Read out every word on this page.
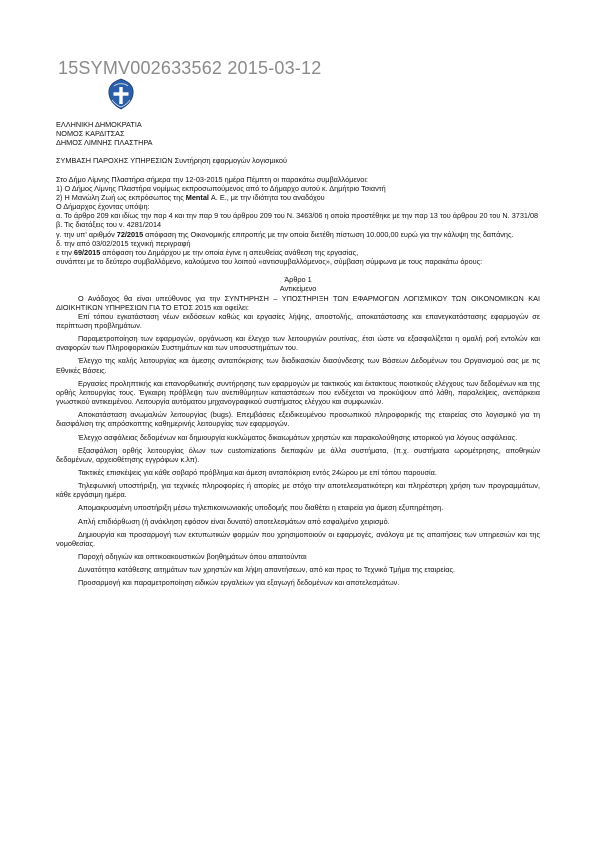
15SYMV002633562 2015-03-12

ΕΛΛΗΝΙΚΗ ΔΗΜΟΚΡΑΤΙΑ

ΝΟΜΟΣ ΚΑΡΔΙΤΣΑΣ

ΔΗΜΟΣ ΛΙΜΝΗΣ ΠΛΑΣΤΗΡΑ

ΣΥΜΒΑΣΗ ΠΑΡΟΧΗΣ ΥΠΗΡΕΣΙΩΝ Συντήρηση εφαρμογών λογισμικού

Στο Δήμο Λίμνης Πλαστήρα σήμερα την 12-03-2015 ημέρα Πέμπτη οι παρακάτω συμβαλλόμενοι:

1) Ο Δήμος Λίμνης Πλαστήρα νομίμως εκπροσωπούμενος από το Δήμαρχο αυτού κ. Δημήτριο Τσιαντή

2) Η Μανώλη Ζωή ως εκπρόσωπος της Mental Α. Ε., με την ιδιότητα του αναδόχου

Ο Δήμαρχος έχοντας υπόψη:

α. Το άρθρο 209 και ιδίως την παρ 4 και την παρ 9 του άρθρου 209 του Ν. 3463/06 η οποία προστέθηκε με την παρ 13 του άρθρου 20 του Ν. 3731/08

β. Τις διατάξεις του ν. 4281/2014

γ. την υπ' αριθμόν 72/2015 απόφαση της Οικονομικής επιτροπής με την οποία διετέθη πίστωση 10.000,00 ευρώ για την κάλυψη της δαπάνης.

δ. την από 03/02/2015 τεχνική περιγραφή

ε την 69/2015 απόφαση του Δημάρχου με την οποία έγινε η απευθείας ανάθεση της εργασίας,

συνάπτει με το δεύτερο συμβαλλόμενο, καλούμενο του λοιπού «αντισυμβαλλόμενος», σύμβαση σύμφωνα με τους παρακάτω όρους:

Άρθρο 1

Αντικείμενο

Ο Ανάδοχος θα είναι υπεύθυνος για την ΣΥΝΤΗΡΗΣΗ – ΥΠΟΣΤΗΡΙΞΗ ΤΩΝ ΕΦΑΡΜΟΓΩΝ ΛΟΓΙΣΜΙΚΟΥ ΤΩΝ ΟΙΚΟΝΟΜΙΚΩΝ ΚΑΙ ΔΙΟΙΚΗΤΙΚΩΝ ΥΠΗΡΕΣΙΩΝ ΓΙΑ ΤΟ ΕΤΟΣ 2015 και οφείλει:

Επί τόπου εγκατάσταση νέων εκδόσεων καθώς και εργασίες λήψης, αποστολής, αποκατάστασης και επανεγκατάστασης εφαρμογών σε περίπτωση προβλημάτων.

Παραμετροποίηση των εφαρμογών, οργάνωση και έλεγχο των λειτουργιών ρουτίνας, έτσι ώστε να εξασφαλίζεται η ομαλή ροή εντολών και αναφορών των Πληροφοριακών Συστημάτων και των υποσυστημάτων του.

Έλεγχο της καλής λειτουργίας και άμεσης ανταπόκρισης των διαδικασιών διασύνδεσης των Βάσεων Δεδομένων του Οργανισμού σας με τις Εθνικές Βάσεις.

Εργασίες προληπτικής και επανορθωτικής συντήρησης των εφαρμογών με τακτικούς και έκτακτους ποιοτικούς ελέγχους των δεδομένων και της ορθής λειτουργίας τους. Έγκαιρη πρόβλεψη των ανεπιθύμητων καταστάσεων που ενδέχεται να προκύψουν από λάθη, παραλείψεις, ανεπάρκεια γνωστικού αντικειμένου. Λειτουργία αυτόματου μηχανογραφικού συστήματος ελέγχου και συμφωνιών.

Αποκατάσταση ανωμαλιών λειτουργίας (bugs). Επεμβάσεις εξειδικευμένου προσωπικού πληροφορικής της εταιρείας στο λογισμικό για τη διασφάλιση της απρόσκοπτης καθημερινής λειτουργίας των εφαρμογών.

Έλεγχο ασφάλειας δεδομένων και δημιουργία κυκλώματος δικαιωμάτων χρηστών και παρακολούθησης ιστορικού για λόγους ασφάλειας.

Εξασφάλιση ορθής λειτουργίας όλων των customizations διεπαφών με άλλα συστήματα, (π.χ. συστήματα ωρομέτρησης, αποθηκών δεδομένων, αρχειοθέτησης εγγράφων κ.λπ).

Τακτικές επισκέψεις για κάθε σοβαρό πρόβλημα και άμεση ανταπόκριση εντός 24ώρου με επί τόπου παρουσία.

Τηλεφωνική υποστήριξη, για τεχνικές πληροφορίες ή απορίες με στόχο την αποτελεσματικότερη και πληρέστερη χρήση των προγραμμάτων, κάθε εργάσιμη ημέρα.

Απομακρυσμένη υποστήριξη μέσω τηλεπικοινωνιακής υποδομής που διαθέτει η εταιρεία για άμεση εξυπηρέτηση.

Απλή επιδιόρθωση (ή ανάκληση εφόσον είναι δυνατό) αποτελεσμάτων από εσφαλμένο χειρισμό.

Δημιουργία και προσαρμογή των εκτυπωτικών φορμών που χρησιμοποιούν οι εφαρμογές, ανάλογα με τις απαιτήσεις των υπηρεσιών και της νομοθεσίας.

Παροχή οδηγιών και οπτικοακουστικών βοηθημάτων όπου απαιτούνται

Δυνατότητα κατάθεσης αιτημάτων των χρηστών και λήψη απαντήσεων, από και προς το Τεχνικό Τμήμα της εταιρείας.

Προσαρμογή και παραμετροποίηση ειδικών εργαλείων για εξαγωγή δεδομένων και αποτελεσμάτων.
